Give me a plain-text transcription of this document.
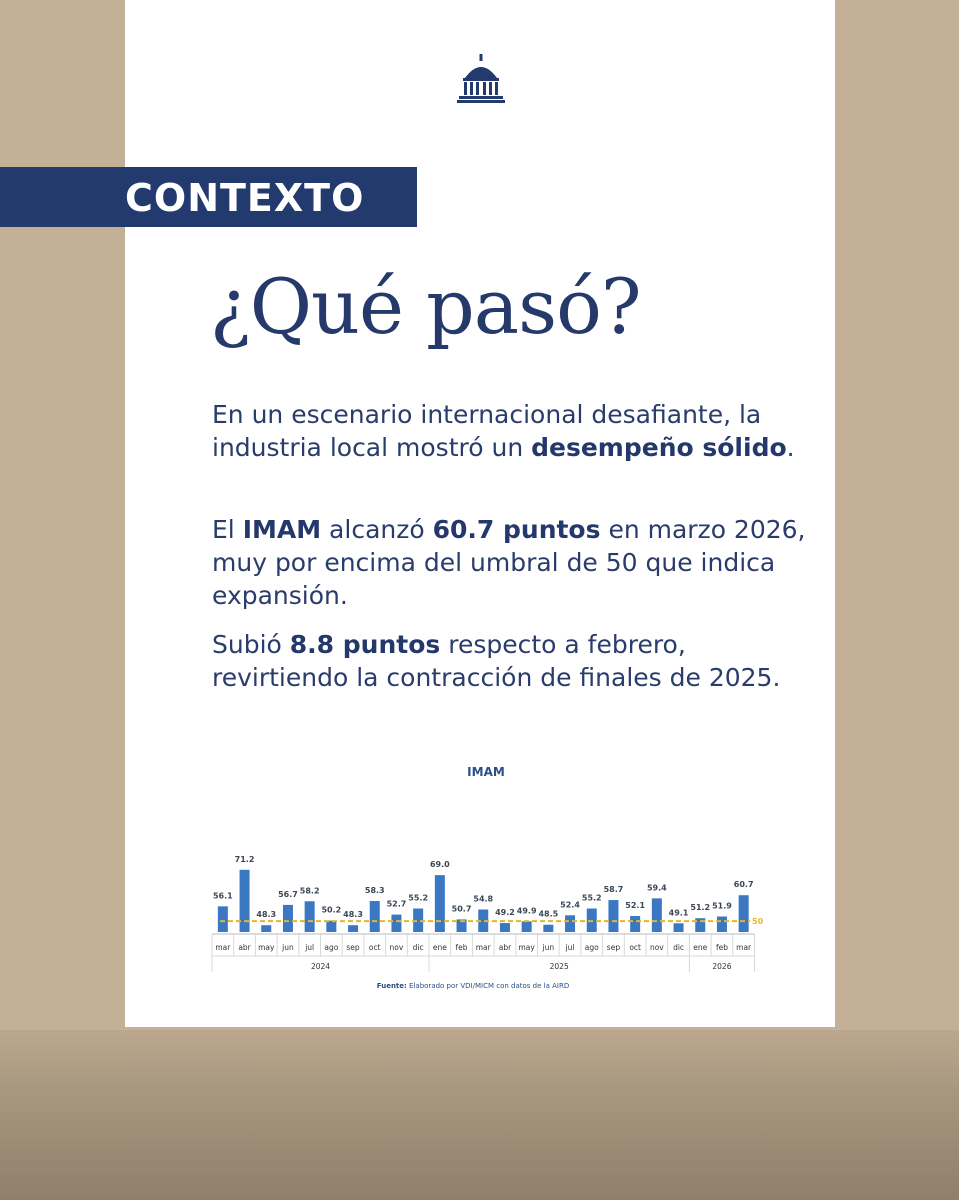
CONTEXTO
¿Qué pasó?
En un escenario internacional desafiante, la industria local mostró un desempeño sólido.
El IMAM alcanzó 60.7 puntos en marzo 2026, muy por encima del umbral de 50 que indica expansión.
Subió 8.8 puntos respecto a febrero, revirtiendo la contracción de finales de 2025.
IMAM
56.1
mar
71.2
abr
48.3
may
56.7
jun
58.2
jul
50.2
ago
48.3
sep
58.3
oct
52.7
nov
55.2
dic
69.0
ene
50.7
feb
54.8
mar
49.2
abr
49.9
may
48.5
jun
52.4
jul
55.2
ago
58.7
sep
52.1
oct
59.4
nov
49.1
dic
51.2
ene
51.9
feb
60.7
mar
50
2024	2025	2026
Fuente: Elaborado por VDI/MICM con datos de la AIRD
